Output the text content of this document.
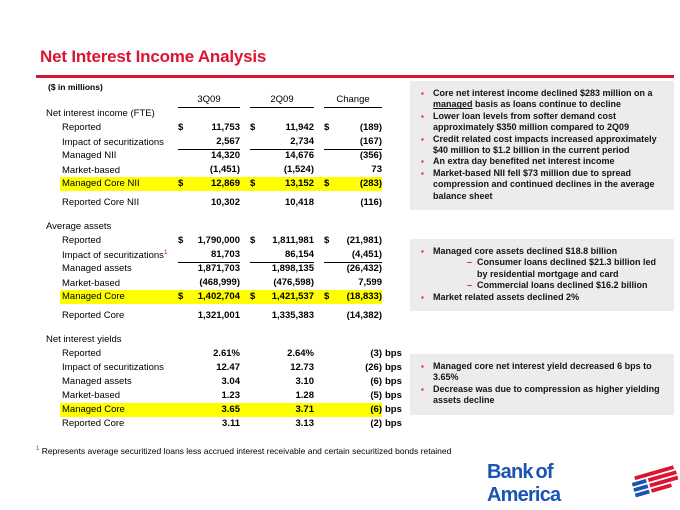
Net Interest Income Analysis
($ in millions)
3Q09	2Q09	Change
Net interest income (FTE)
Reported	$	11,753 $	11,942 $	(189)
Impact of securitizations	2,567	2,734	(167)
Managed NII	14,320	14,676	(356)
Market-based	(1,451)	(1,524)	73
Managed Core NII	$	12,869 $	13,152 $	(283)
Reported Core NII	10,302	10,418	(116)
Average assets
Reported	$ 1,790,000 $ 1,811,981 $ (21,981)
Impact of securitizations$^1$	81,703	86,154	(4,451)
Managed assets	1,871,703	1,898,135	(26,432)
Market-based	(468,999)	(476,598)	7,599
Managed Core	$ 1,402,704 $ 1,421,537 $ (18,833)
Reported Core	1,321,001	1,335,383	(14,382)
Net interest yields
Reported	2.61%	2.64%	(3) bps
Impact of securitizations	12.47	12.73	(26) bps
Managed assets	3.04	3.10	(6) bps
Market-based	1.23	1.28	(5) bps
Managed Core	3.65	3.71	(6) bps
Reported Core	3.11	3.13	(2) bps
▪	Core net interest income declined $283 million on a managed basis as loans continue to decline
▪	Lower loan levels from softer demand cost approximately $350 million compared to 2Q09
▪	Credit related cost impacts increased approximately $40 million to $1.2 billion in the current period
▪	An extra day benefited net interest income
▪	Market-based NII fell $73 million due to spread compression and continued declines in the average balance sheet
▪	Managed core assets declined $18.8 billion
– Consumer loans declined $21.3 billion led by residential mortgage and card
– Commercial loans declined $16.2 billion
▪	Market related assets declined 2%
▪	Managed core net interest yield decreased 6 bps to 3.65%
▪	Decrease was due to compression as higher yielding assets decline
$^1$ Represents average securitized loans less accrued interest receivable and certain securitized bonds retained
Bank of America
